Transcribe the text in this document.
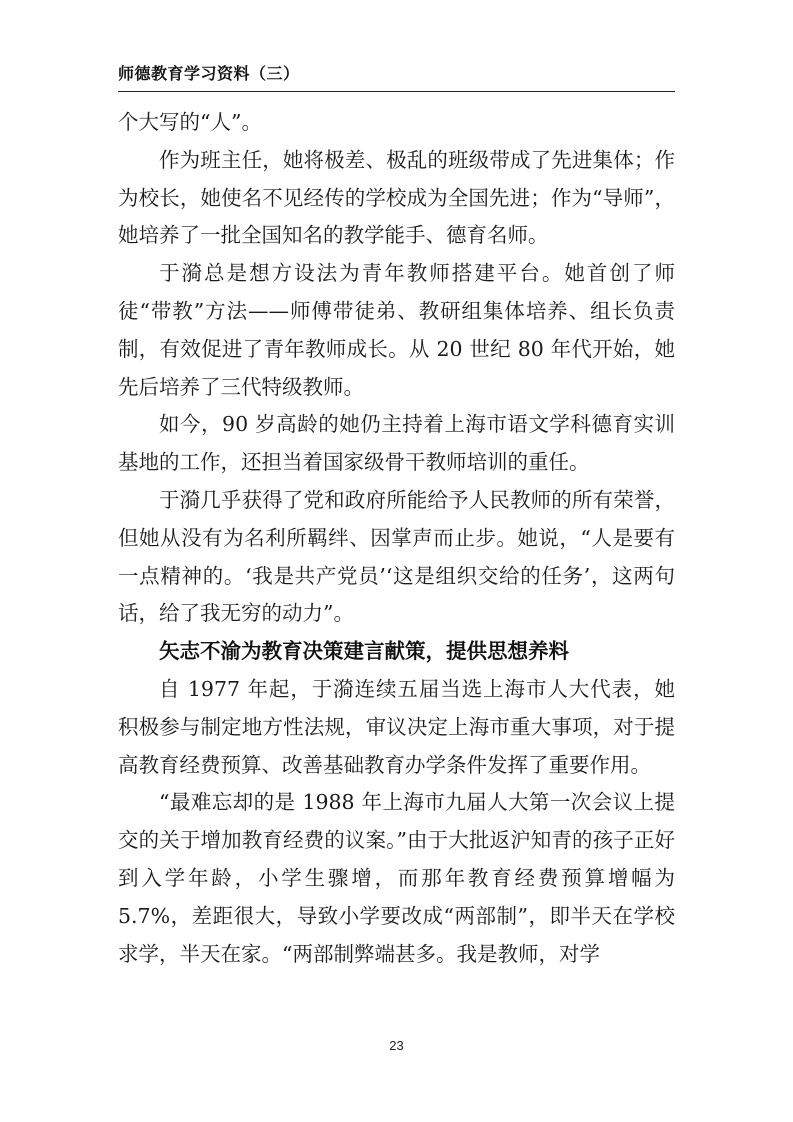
师德教育学习资料（三）

个大写的“人”。

作为班主任，她将极差、极乱的班级带成了先进集体；作为校长，她使名不见经传的学校成为全国先进；作为“导师”，她培养了一批全国知名的教学能手、德育名师。

于漪总是想方设法为青年教师搭建平台。她首创了师徒“带教”方法——师傅带徒弟、教研组集体培养、组长负责制，有效促进了青年教师成长。从 20 世纪 80 年代开始，她先后培养了三代特级教师。

如今，90 岁高龄的她仍主持着上海市语文学科德育实训基地的工作，还担当着国家级骨干教师培训的重任。

于漪几乎获得了党和政府所能给予人民教师的所有荣誉，但她从没有为名利所羁绊、因掌声而止步。她说，“人是要有一点精神的。‘我是共产党员’‘这是组织交给的任务’，这两句话，给了我无穷的动力”。

矢志不渝为教育决策建言献策，提供思想养料

自 1977 年起，于漪连续五届当选上海市人大代表，她积极参与制定地方性法规，审议决定上海市重大事项，对于提高教育经费预算、改善基础教育办学条件发挥了重要作用。

“最难忘却的是 1988 年上海市九届人大第一次会议上提交的关于增加教育经费的议案。”由于大批返沪知青的孩子正好到入学年龄，小学生骤增，而那年教育经费预算增幅为 5.7%，差距很大，导致小学要改成“两部制”，即半天在学校求学，半天在家。“两部制弊端甚多。我是教师，对学

23
